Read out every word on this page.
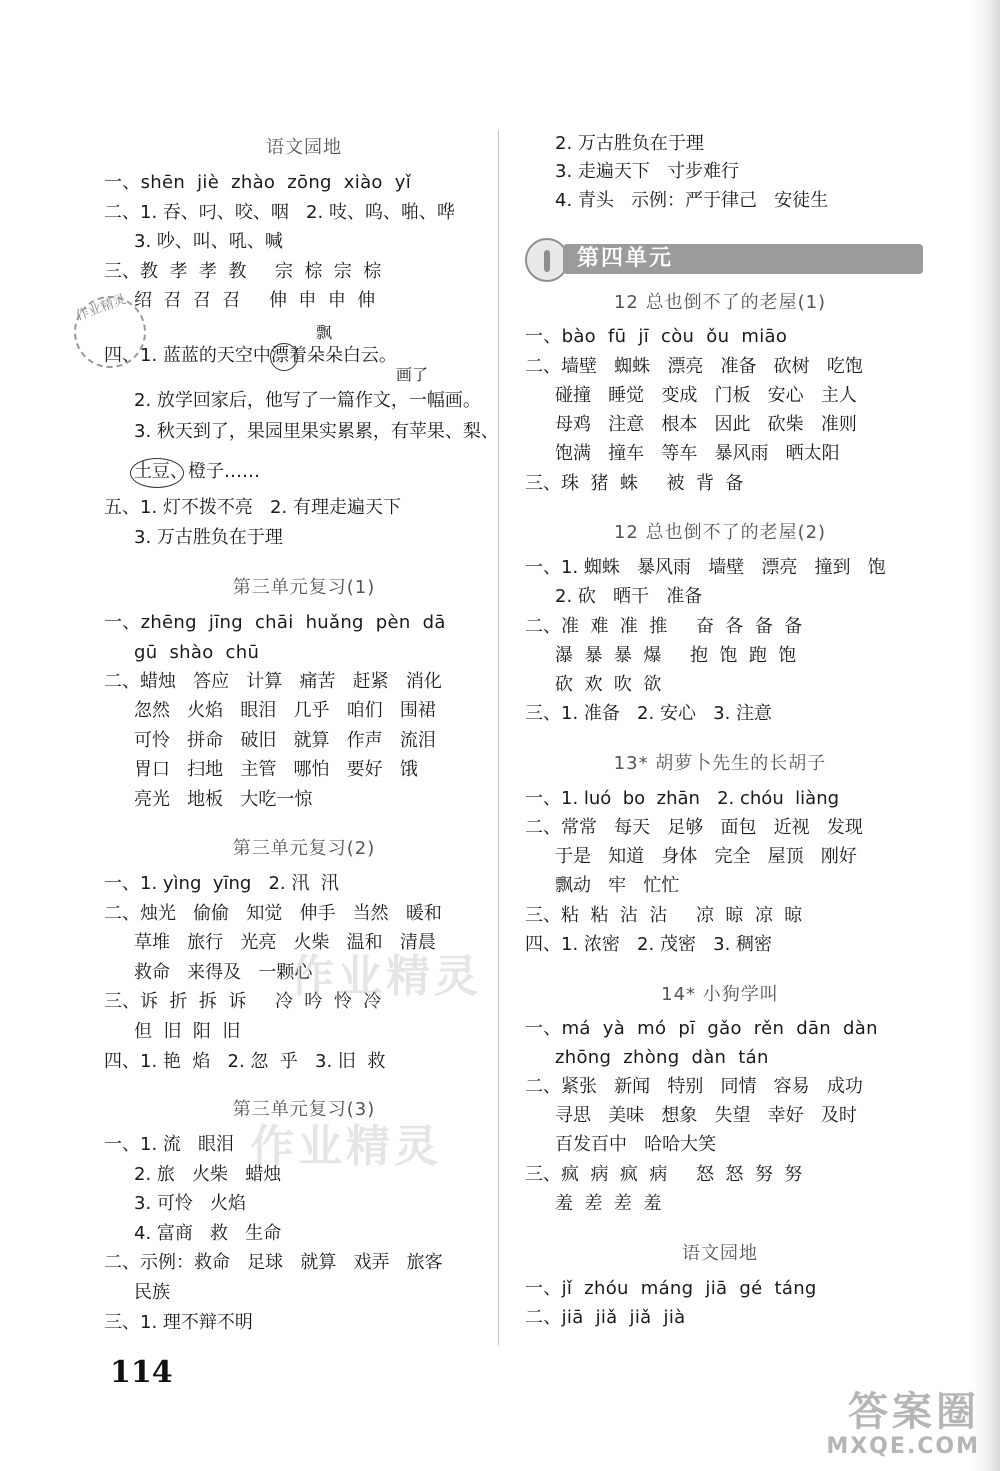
语文园地
一、shēn  jiè  zhào  zōng  xiào  yǐ
二、1. 吞、叼、咬、咽   2. 吱、呜、啪、哗
3. 吵、叫、吼、喊
三、教  孝  孝  教     宗  棕  宗  棕
绍  召  召  召     伸  申  申  伸
飘
四、1. 蓝蓝的天空中漂着朵朵白云。
画了
2. 放学回家后，他写了一篇作文，一幅画。
3. 秋天到了，果园里果实累累，有苹果、梨、
土豆、橙子……
五、1. 灯不拨不亮   2. 有理走遍天下
3. 万古胜负在于理
第三单元复习(1)
一、zhēng  jīng  chāi  huǎng  pèn  dā
gū  shào  chū
二、蜡烛   答应   计算   痛苦   赶紧   消化
忽然   火焰   眼泪   几乎   咱们   围裙
可怜   拼命   破旧   就算   作声   流泪
胃口   扫地   主管   哪怕   要好   饿
亮光   地板   大吃一惊
第三单元复习(2)
一、1. yìng  yīng   2. 汛  汛
二、烛光   偷偷   知觉   伸手   当然   暖和
草堆   旅行   光亮   火柴   温和   清晨
救命   来得及   一颗心
三、诉  折  拆  诉     冷  吟  怜  冷
但  旧  阳  旧
四、1. 艳  焰   2. 忽  乎   3. 旧  救
第三单元复习(3)
一、1. 流   眼泪
2. 旅   火柴   蜡烛
3. 可怜   火焰
4. 富商   救   生命
二、示例：救命   足球   就算   戏弄   旅客
民族
三、1. 理不辩不明
作业精灵
2. 万古胜负在于理
3. 走遍天下   寸步难行
4. 青头   示例：严于律己   安徒生
第四单元
12 总也倒不了的老屋(1)
一、bào  fū  jī  còu  ǒu  miāo
二、墙壁   蜘蛛   漂亮   准备   砍树   吃饱
碰撞   睡觉   变成   门板   安心   主人
母鸡   注意   根本   因此   砍柴   准则
饱满   撞车   等车   暴风雨   晒太阳
三、珠  猪  蛛     被  背  备
12 总也倒不了的老屋(2)
一、1. 蜘蛛   暴风雨   墙壁   漂亮   撞到   饱
2. 砍   晒干   准备
二、准  难  准  推     奋  各  备  备
瀑  暴  暴  爆     抱  饱  跑  饱
砍  欢  吹  欲
三、1. 准备   2. 安心   3. 注意
13* 胡萝卜先生的长胡子
一、1. luó  bo  zhān   2. chóu  liàng
二、常常   每天   足够   面包   近视   发现
于是   知道   身体   完全   屋顶   刚好
飘动   牢   忙忙
三、粘  粘  沾  沾     凉  晾  凉  晾
四、1. 浓密   2. 茂密   3. 稠密
14* 小狗学叫
一、má  yà  mó  pī  gǎo  rěn  dān  dàn
zhōng  zhòng  dàn  tán
二、紧张   新闻   特别   同情   容易   成功
寻思   美味   想象   失望   幸好   及时
百发百中   哈哈大笑
三、疯  病  疯  病     怒  怒  努  努
羞  差  差  羞
语文园地
一、jǐ  zhóu  máng  jiā  gé  táng
二、jiā  jiǎ  jiǎ  jià
作业精灵
作业精灵
114
答案圈
MXQE.COM
